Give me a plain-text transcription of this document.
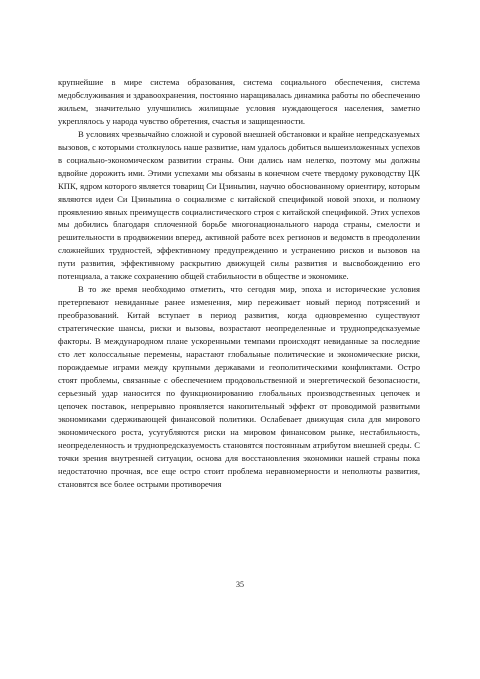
крупнейшие в мире система образования, система социального обеспечения, система медобслуживания и здравоохранения, постоянно наращивалась динамика работы по обеспечению жильем, значительно улучшились жилищные условия нуждающегося населения, заметно укреплялось у народа чувство обретения, счастья и защищенности.

В условиях чрезвычайно сложной и суровой внешней обстановки и крайне непредсказуемых вызовов, с которыми столкнулось наше развитие, нам удалось добиться вышеизложенных успехов в социально-экономическом развитии страны. Они дались нам нелегко, поэтому мы должны вдвойне дорожить ими. Этими успехами мы обязаны в конечном счете твердому руководству ЦК КПК, ядром которого является товарищ Си Цзиньпин, научно обоснованному ориентиру, которым являются идеи Си Цзиньпина о социализме с китайской спецификой новой эпохи, и полному проявлению явных преимуществ социалистического строя с китайской спецификой. Этих успехов мы добились благодаря сплоченной борьбе многонационального народа страны, смелости и решительности в продвижении вперед, активной работе всех регионов и ведомств в преодолении сложнейших трудностей, эффективному предупреждению и устранению рисков и вызовов на пути развития, эффективному раскрытию движущей силы развития и высвобождению его потенциала, а также сохранению общей стабильности в обществе и экономике.

В то же время необходимо отметить, что сегодня мир, эпоха и исторические условия претерпевают невиданные ранее изменения, мир переживает новый период потрясений и преобразований. Китай вступает в период развития, когда одновременно существуют стратегические шансы, риски и вызовы, возрастают неопределенные и труднопредсказуемые факторы. В международном плане ускоренными темпами происходят невиданные за последние сто лет колоссальные перемены, нарастают глобальные политические и экономические риски, порождаемые играми между крупными державами и геополитическими конфликтами. Остро стоят проблемы, связанные с обеспечением продовольственной и энергетической безопасности, серьезный удар наносится по функционированию глобальных производственных цепочек и цепочек поставок, непрерывно проявляется накопительный эффект от проводимой развитыми экономиками сдерживающей финансовой политики. Ослабевает движущая сила для мирового экономического роста, усугубляются риски на мировом финансовом рынке, нестабильность, неопределенность и труднопредсказуемость становятся постоянным атрибутом внешней среды. С точки зрения внутренней ситуации, основа для восстановления экономики нашей страны пока недостаточно прочная, все еще остро стоит проблема неравномерности и неполноты развития, становятся все более острыми противоречия

35
